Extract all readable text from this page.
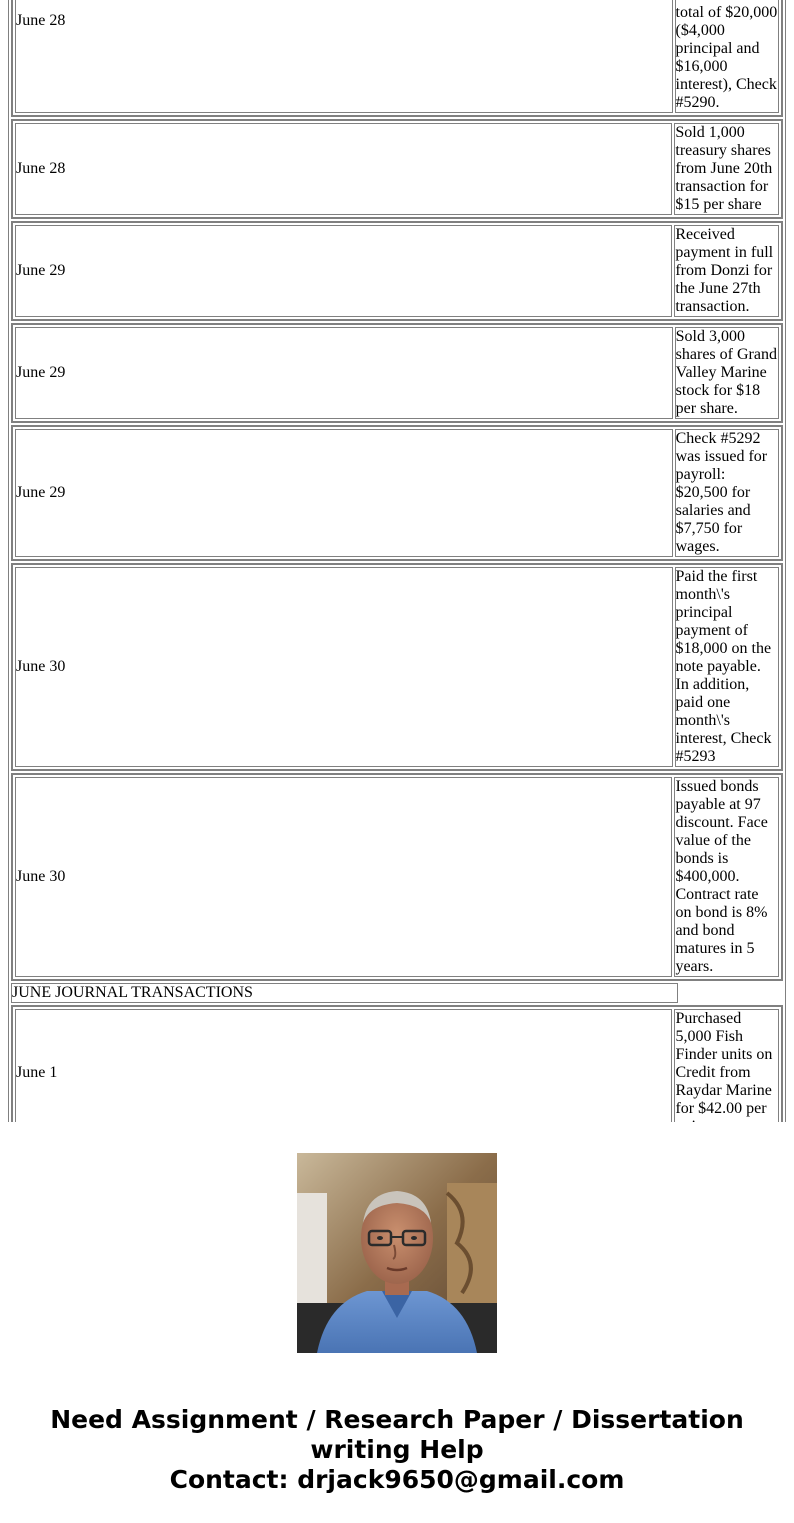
June 28	total of $20,000 ($4,000 principal and $16,000 interest), Check #5290.

June 28	Sold 1,000 treasury shares from June 20th transaction for $15 per share

June 29	Received payment in full from Donzi for the June 27th transaction.

June 29	Sold 3,000 shares of Grand Valley Marine stock for $18 per share.

June 29	Check #5292 was issued for payroll: $20,500 for salaries and $7,750 for wages.

June 30	Paid the first month\'s principal payment of $18,000 on the note payable. In addition, paid one month\'s interest, Check #5293

June 30	Issued bonds payable at 97 discount. Face value of the bonds is $400,000. Contract rate on bond is 8% and bond matures in 5 years.

JUNE JOURNAL TRANSACTIONS	

June 1	Purchased 5,000 Fish Finder units on Credit from Raydar Marine for $42.00 per

Need Assignment / Research Paper / Dissertation
writing Help
Contact: drjack9650@gmail.com
